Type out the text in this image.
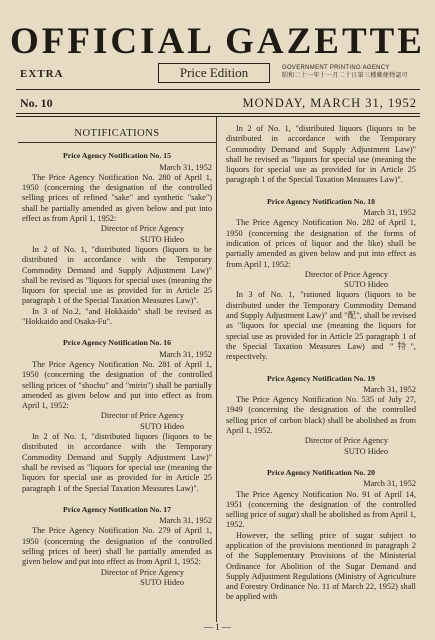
OFFICIAL GAZETTE
EXTRA	Price Edition	GOVERNMENT PRINTING AGENCY
昭和二十一年十一月二十日第三種郵便物認可
No. 10	MONDAY, MARCH 31, 1952
NOTIFICATIONS
Price Agency Notification No. 15
March 31, 1952

The Price Agency Notification No. 280 of April 1, 1950 (concerning the designation of the controlled selling prices of refined "sake" and synthetic "sake") shall be partially amended as given below and put into effect as from April 1, 1952:

Director of Price Agency
SUTO Hideo

In 2 of No. 1, "distributed liquors (liquors to be distributed in accordance with the Temporary Commodity Demand and Supply Adjustment Law)" shall be revised as "liquors for special uses (meaning the liquors for special use as provided for in Article 25 paragraph 1 of the Special Taxation Measures Law)".

In 3 of No.2, "and Hokkaido" shall be revised as "Hokkaido and Osaka-Fu".

Price Agency Notification No. 16
March 31, 1952

The Price Agency Notification No. 281 of April 1, 1950 (concerning the designation of the controlled selling prices of "shochu" and "mirin") shall be partially amended as given below and put into effect as from April 1, 1952:

Director of Price Agency
SUTO Hideo

In 2 of No. 1, "distributed liquors (liquors to be distributed in accordance with the Temporary Commodity Demand and Supply Adjustment Law)" shall be revised as "liquors for special use (meaning the liquors for special use as provided for in Article 25 paragraph 1 of the Special Taxation Measures Law)".

Price Agency Notification No. 17
March 31, 1952

The Price Agency Notification No. 279 of April 1, 1950 (concerning the designation of the controlled selling prices of beer) shall be partially amended as given below and put into effect as from April 1, 1952:

Director of Price Agency
SUTO Hideo

In 2 of No. 1, "distributed liquors (liquors to be distributed in accordance with the Temporary Commodity Demand and Supply Adjustment Law)" shall be revised as "liquors for special use (meaning the liquors for special use as provided for in Article 25 paragraph 1 of the Special Taxation Measures Law)".

Price Agency Notification No. 18
March 31, 1952

The Price Agency Notification No. 282 of April 1, 1950 (concerning the designation of the forms of indication of prices of liquor and the like) shall be partially amended as given below and put into effect as from April 1, 1952:

Director of Price Agency
SUTO Hideo

In 3 of No. 1, "rationed liquors (liquors to be distributed under the Temporary Commodity Demand and Supply Adjustment Law)" and "配", shall be revised as "liquors for special use (meaning the liquors for special use as provided for in Article 25 paragraph 1 of the Special Taxation Measures Law) and "特", respectively.

Price Agency Notification No. 19
March 31, 1952

The Price Agency Notification No. 535 of July 27, 1949 (concerning the designation of the controlled selling price of carbon black) shall be abolished as from April 1, 1952.

Director of Price Agency
SUTO Hideo
Price Agency Notification No. 20
March 31, 1952

The Price Agency Notification No. 91 of April 14, 1951 (concerning the designation of the controlled selling price of sugar) shall be abolished as from April 1, 1952.

However, the selling price of sugar subject to application of the provisions mentioned in paragraph 2 of the Supplementary Provisions of the Ministerial Ordinance for Abolition of the Sugar Demand and Supply Adjustment Regulations (Ministry of Agriculture and Forestry Ordinance No. 11 of March 22, 1952) shall be applied with

— 1 —
